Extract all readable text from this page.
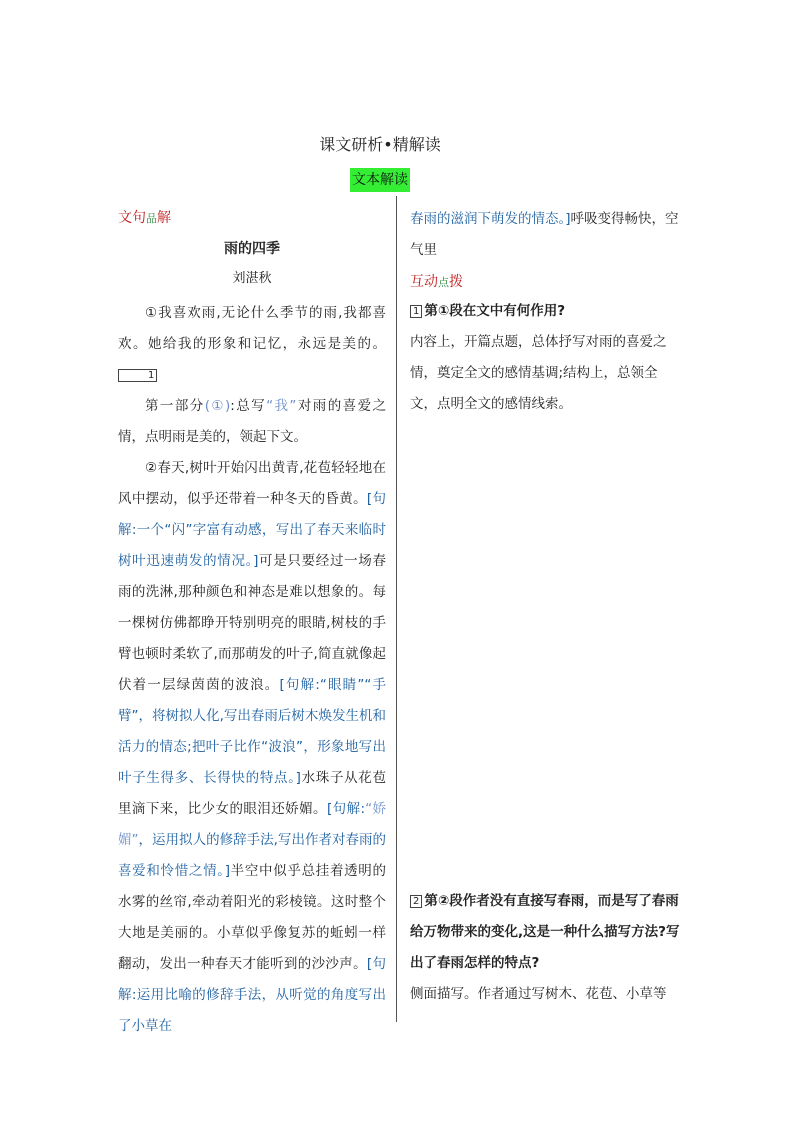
课文研析•精解读
文本解读
文句品解
雨的四季
刘湛秋

①我喜欢雨,无论什么季节的雨,我都喜欢。她给我的形象和记忆，永远是美的。1

第一部分(①):总写“我”对雨的喜爱之情，点明雨是美的，领起下文。

②春天,树叶开始闪出黄青,花苞轻轻地在风中摆动，似乎还带着一种冬天的昏黄。[句解:一个“闪”字富有动感，写出了春天来临时树叶迅速萌发的情况。]可是只要经过一场春雨的洗淋,那种颜色和神态是难以想象的。每一棵树仿佛都睁开特别明亮的眼睛,树枝的手臂也顿时柔软了,而那萌发的叶子,简直就像起伏着一层绿茵茵的波浪。[句解:“眼睛”“手臂”，将树拟人化,写出春雨后树木焕发生机和活力的情态;把叶子比作“波浪”，形象地写出叶子生得多、长得快的特点。]水珠子从花苞里滴下来，比少女的眼泪还娇媚。[句解:“娇媚”，运用拟人的修辞手法,写出作者对春雨的喜爱和怜惜之情。]半空中似乎总挂着透明的水雾的丝帘,牵动着阳光的彩棱镜。这时整个大地是美丽的。小草似乎像复苏的蚯蚓一样翻动，发出一种春天才能听到的沙沙声。[句解:运用比喻的修辞手法，从听觉的角度写出了小草在

春雨的滋润下萌发的情态。]呼吸变得畅快，空气里
互动点拨
1 第①段在文中有何作用?
内容上，开篇点题，总体抒写对雨的喜爱之情，奠定全文的感情基调;结构上，总领全文，点明全文的感情线索。
2 第②段作者没有直接写春雨，而是写了春雨给万物带来的变化,这是一种什么描写方法?写出了春雨怎样的特点?
侧面描写。作者通过写树木、花苞、小草等
